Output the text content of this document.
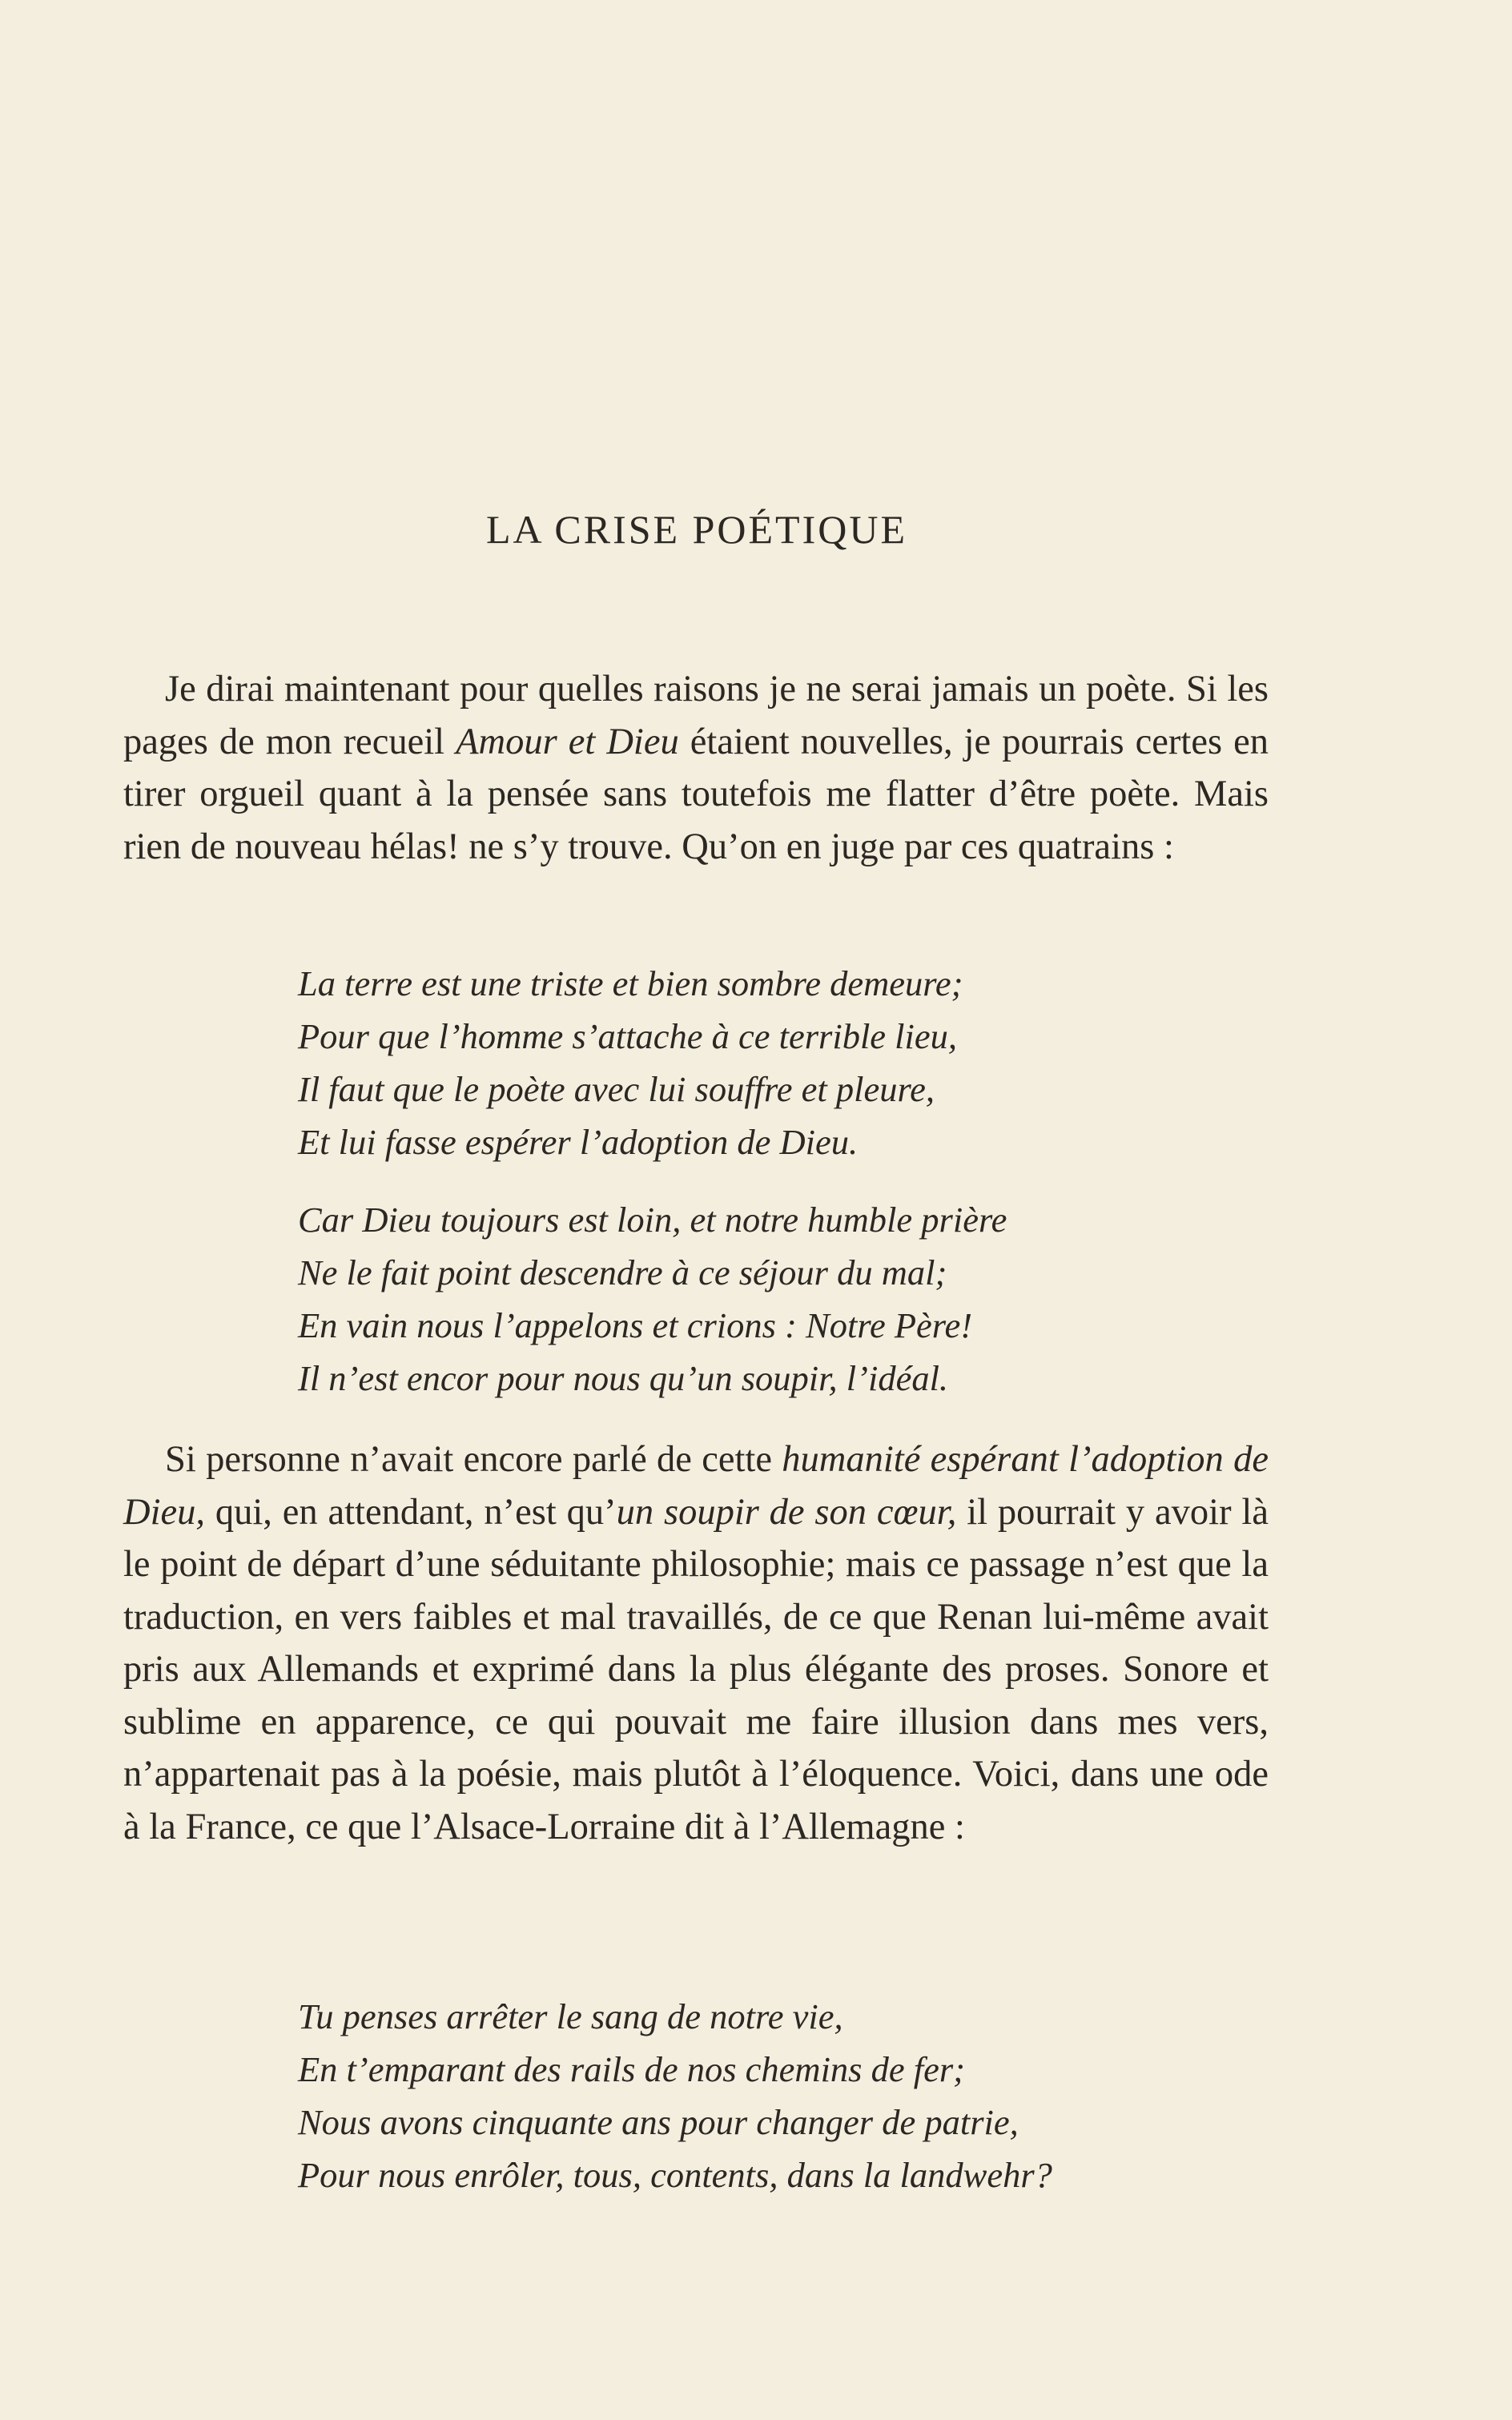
LA CRISE POÉTIQUE

Je dirai maintenant pour quelles raisons je ne serai jamais un poète. Si les pages de mon recueil Amour et Dieu étaient nouvelles, je pourrais certes en tirer orgueil quant à la pensée sans toutefois me flatter d’être poète. Mais rien de nouveau hélas! ne s’y trouve. Qu’on en juge par ces quatrains :

La terre est une triste et bien sombre demeure;
Pour que l’homme s’attache à ce terrible lieu,
Il faut que le poète avec lui souffre et pleure,
Et lui fasse espérer l’adoption de Dieu.
Car Dieu toujours est loin, et notre humble prière
Ne le fait point descendre à ce séjour du mal;
En vain nous l’appelons et crions : Notre Père!
Il n’est encor pour nous qu’un soupir, l’idéal.

Si personne n’avait encore parlé de cette humanité espérant l’adoption de Dieu, qui, en attendant, n’est qu’un soupir de son cœur, il pourrait y avoir là le point de départ d’une séduitante philosophie; mais ce passage n’est que la traduction, en vers faibles et mal travaillés, de ce que Renan lui-même avait pris aux Allemands et exprimé dans la plus élégante des proses. Sonore et sublime en apparence, ce qui pouvait me faire illusion dans mes vers, n’appartenait pas à la poésie, mais plutôt à l’éloquence. Voici, dans une ode à la France, ce que l’Alsace-Lorraine dit à l’Allemagne :

Tu penses arrêter le sang de notre vie,
En t’emparant des rails de nos chemins de fer;
Nous avons cinquante ans pour changer de patrie,
Pour nous enrôler, tous, contents, dans la landwehr?
